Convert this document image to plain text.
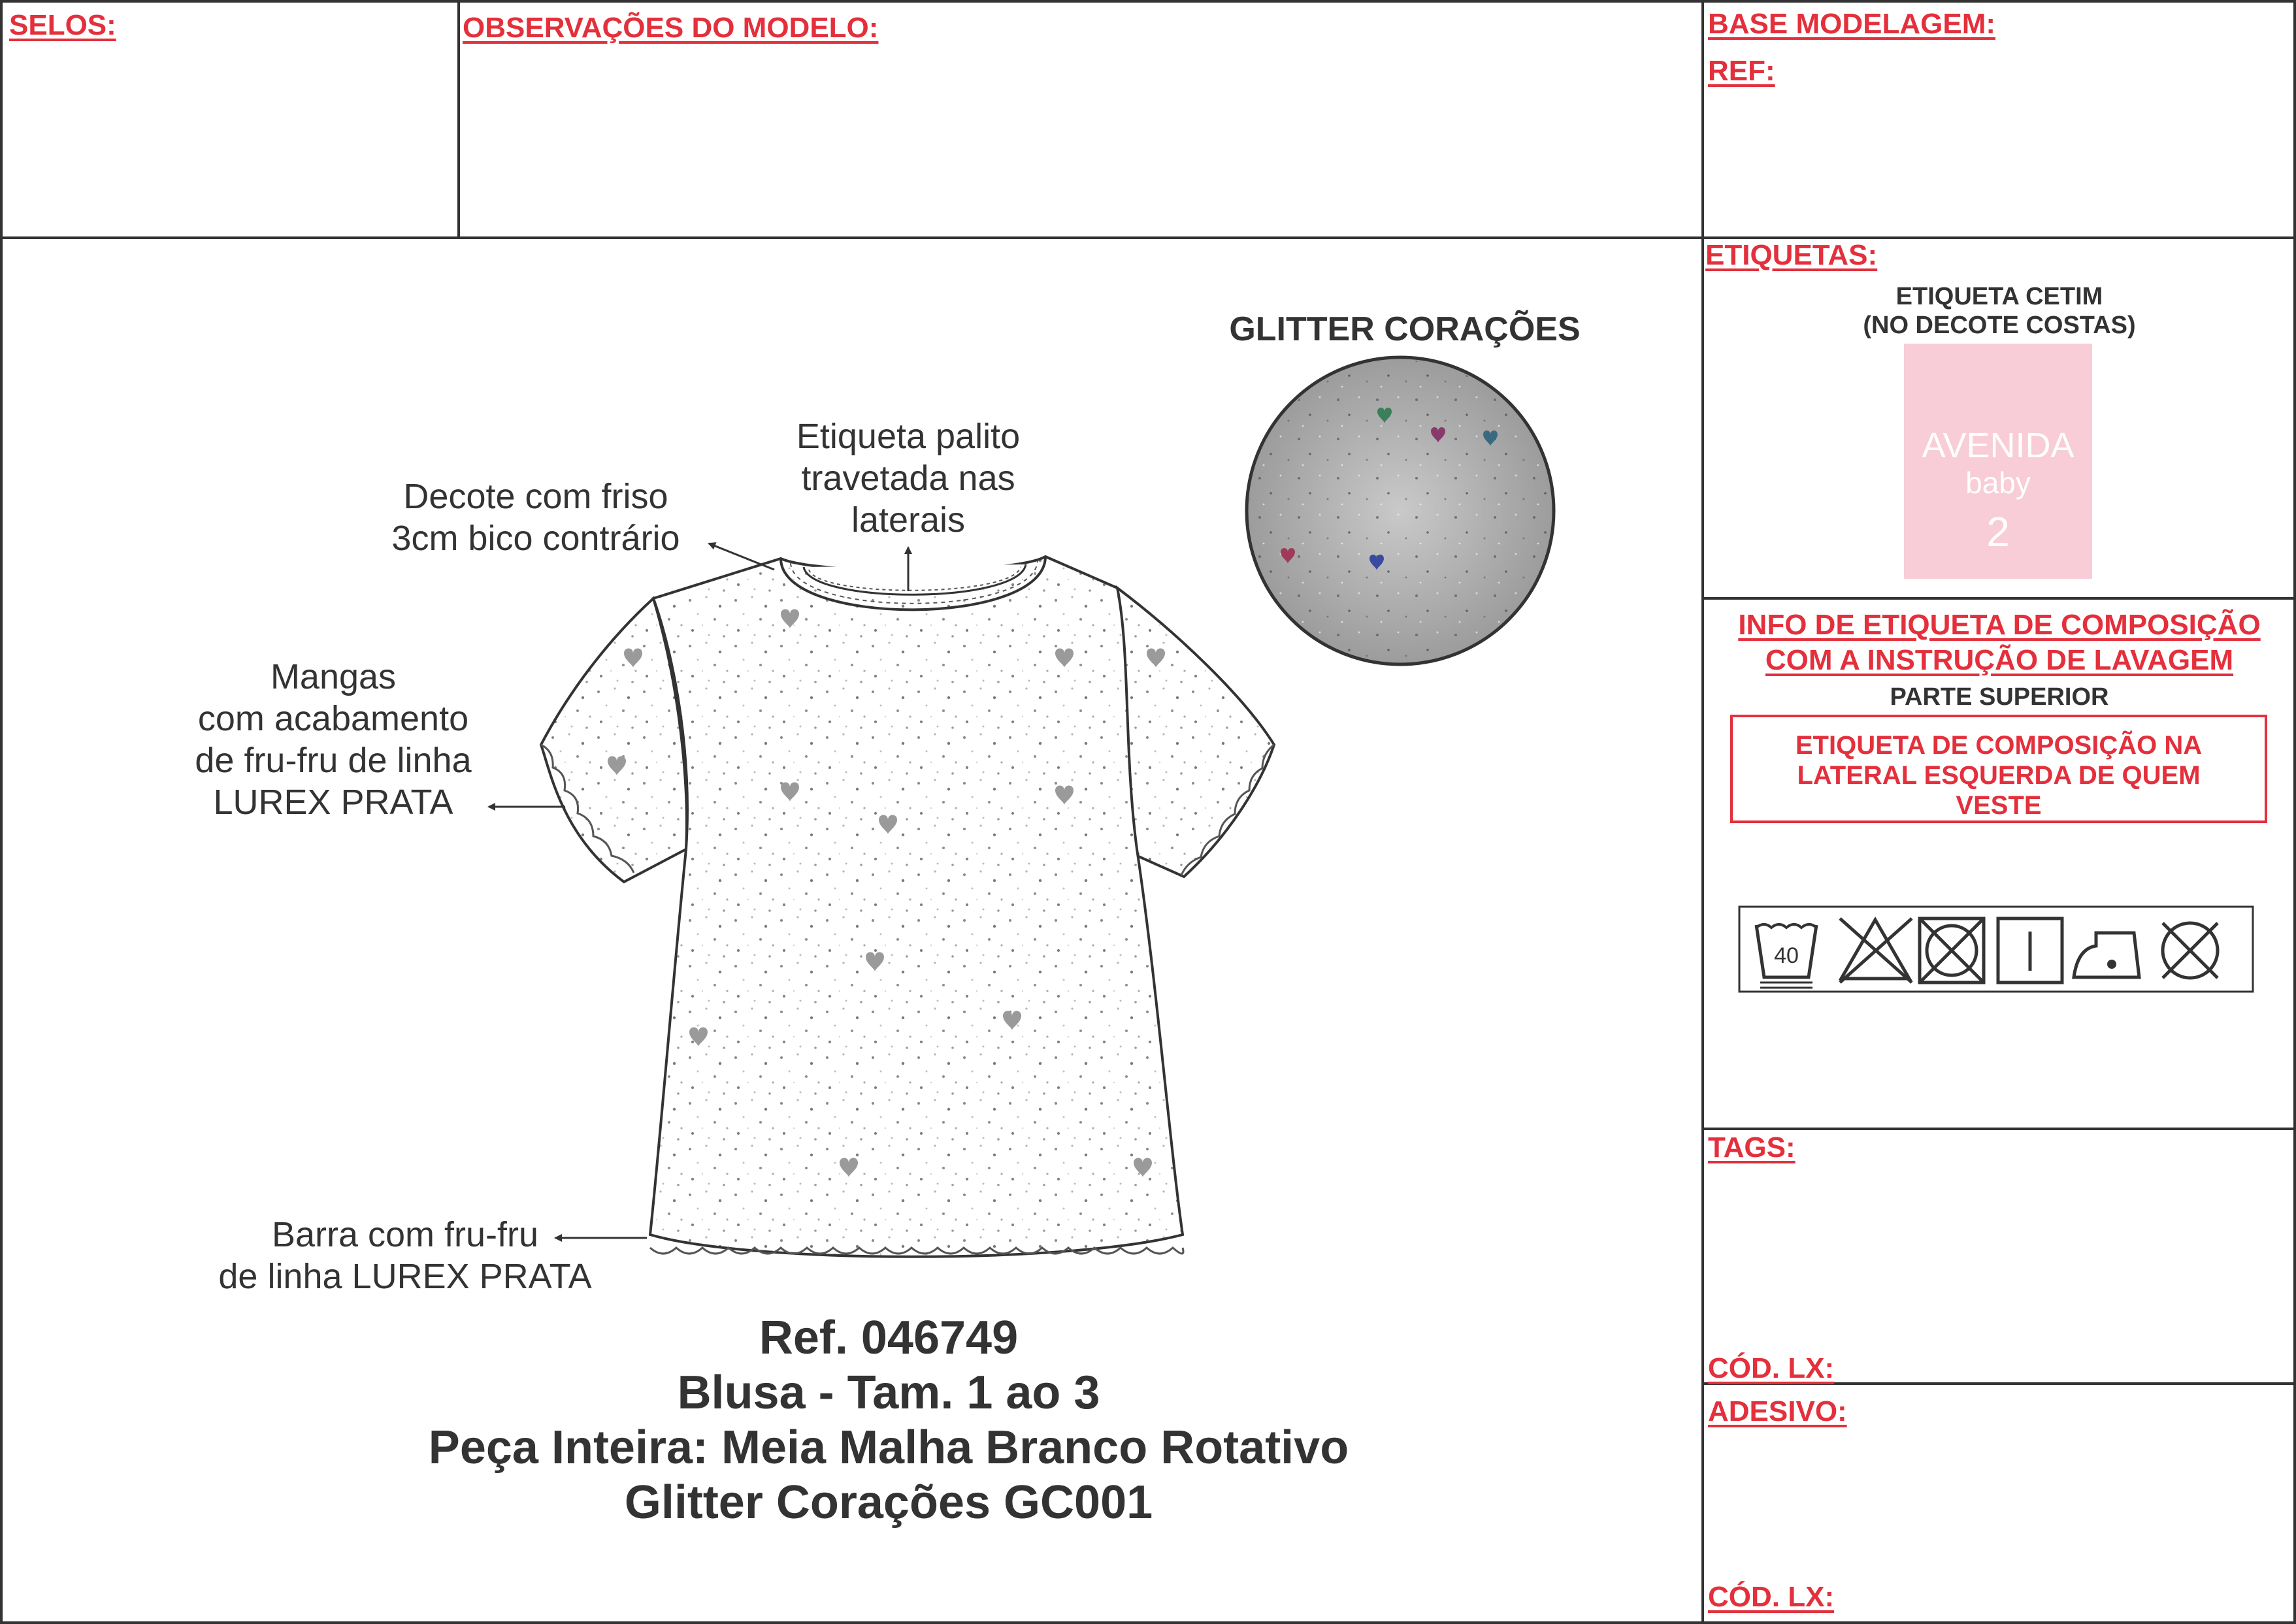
SELOS:	OBSERVAÇÕES DO MODELO:	BASE MODELAGEM:
REF:
Decote com friso
3cm bico contrário
Etiqueta palito
travetada nas
laterais
Mangas
com acabamento
de fru-fru de linha
LUREX PRATA
Barra com fru-fru
de linha LUREX PRATA
GLITTER CORAÇÕES
Ref. 046749
Blusa - Tam. 1 ao 3
Peça Inteira: Meia Malha Branco Rotativo
Glitter Corações GC001
ETIQUETAS:
ETIQUETA CETIM
(NO DECOTE COSTAS)
AVENIDA
baby
2
INFO DE ETIQUETA DE COMPOSIÇÃO
COM A INSTRUÇÃO DE LAVAGEM
PARTE SUPERIOR
ETIQUETA DE COMPOSIÇÃO NA
LATERAL ESQUERDA DE QUEM
VESTE
40
TAGS:
CÓD. LX:
ADESIVO:
CÓD. LX:
